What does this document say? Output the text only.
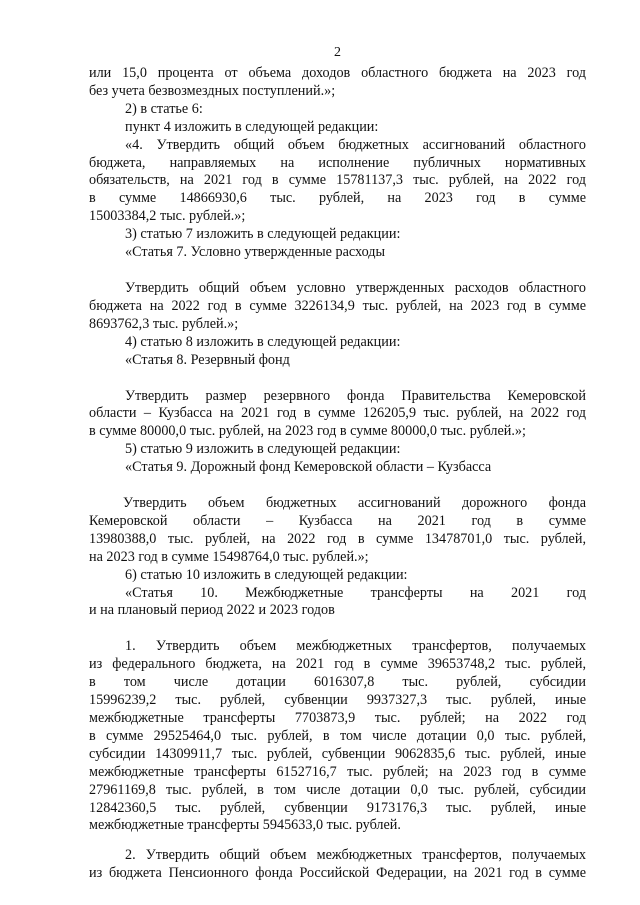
2

или 15,0 процента от объема доходов областного бюджета на 2023 год

без учета безвозмездных поступлений.»;

2) в статье 6:

пункт 4 изложить в следующей редакции:

«4. Утвердить общий объем бюджетных ассигнований областного

бюджета, направляемых на исполнение публичных нормативных

обязательств, на 2021 год в сумме 15781137,3 тыс. рублей, на 2022 год

в сумме 14866930,6 тыс. рублей, на 2023 год в сумме

15003384,2 тыс. рублей.»;

3) статью 7 изложить в следующей редакции:

«Статья 7. Условно утвержденные расходы

Утвердить общий объем условно утвержденных расходов областного

бюджета на 2022 год в сумме 3226134,9 тыс. рублей, на 2023 год в сумме

8693762,3 тыс. рублей.»;

4) статью 8 изложить в следующей редакции:

«Статья 8. Резервный фонд

Утвердить размер резервного фонда Правительства Кемеровской

области – Кузбасса на 2021 год в сумме 126205,9 тыс. рублей, на 2022 год

в сумме 80000,0 тыс. рублей, на 2023 год в сумме 80000,0 тыс. рублей.»;

5) статью 9 изложить в следующей редакции:

«Статья 9. Дорожный фонд Кемеровской области – Кузбасса

Утвердить объем бюджетных ассигнований дорожного фонда

Кемеровской области – Кузбасса на 2021 год в сумме

13980388,0 тыс. рублей, на 2022 год в сумме 13478701,0 тыс. рублей,

на 2023 год в сумме 15498764,0 тыс. рублей.»;

6) статью 10 изложить в следующей редакции:

«Статья 10. Межбюджетные трансферты на 2021 год

и на плановый период 2022 и 2023 годов

1. Утвердить объем межбюджетных трансфертов, получаемых

из федерального бюджета, на 2021 год в сумме 39653748,2 тыс. рублей,

в том числе дотации 6016307,8 тыс. рублей, субсидии

15996239,2 тыс. рублей, субвенции 9937327,3 тыс. рублей, иные

межбюджетные трансферты 7703873,9 тыс. рублей; на 2022 год

в сумме 29525464,0 тыс. рублей, в том числе дотации 0,0 тыс. рублей,

субсидии 14309911,7 тыс. рублей, субвенции 9062835,6 тыс. рублей, иные

межбюджетные трансферты 6152716,7 тыс. рублей; на 2023 год в сумме

27961169,8 тыс. рублей, в том числе дотации 0,0 тыс. рублей, субсидии

12842360,5 тыс. рублей, субвенции 9173176,3 тыс. рублей, иные

межбюджетные трансферты 5945633,0 тыс. рублей.

2. Утвердить общий объем межбюджетных трансфертов, получаемых

из бюджета Пенсионного фонда Российской Федерации, на 2021 год в сумме
